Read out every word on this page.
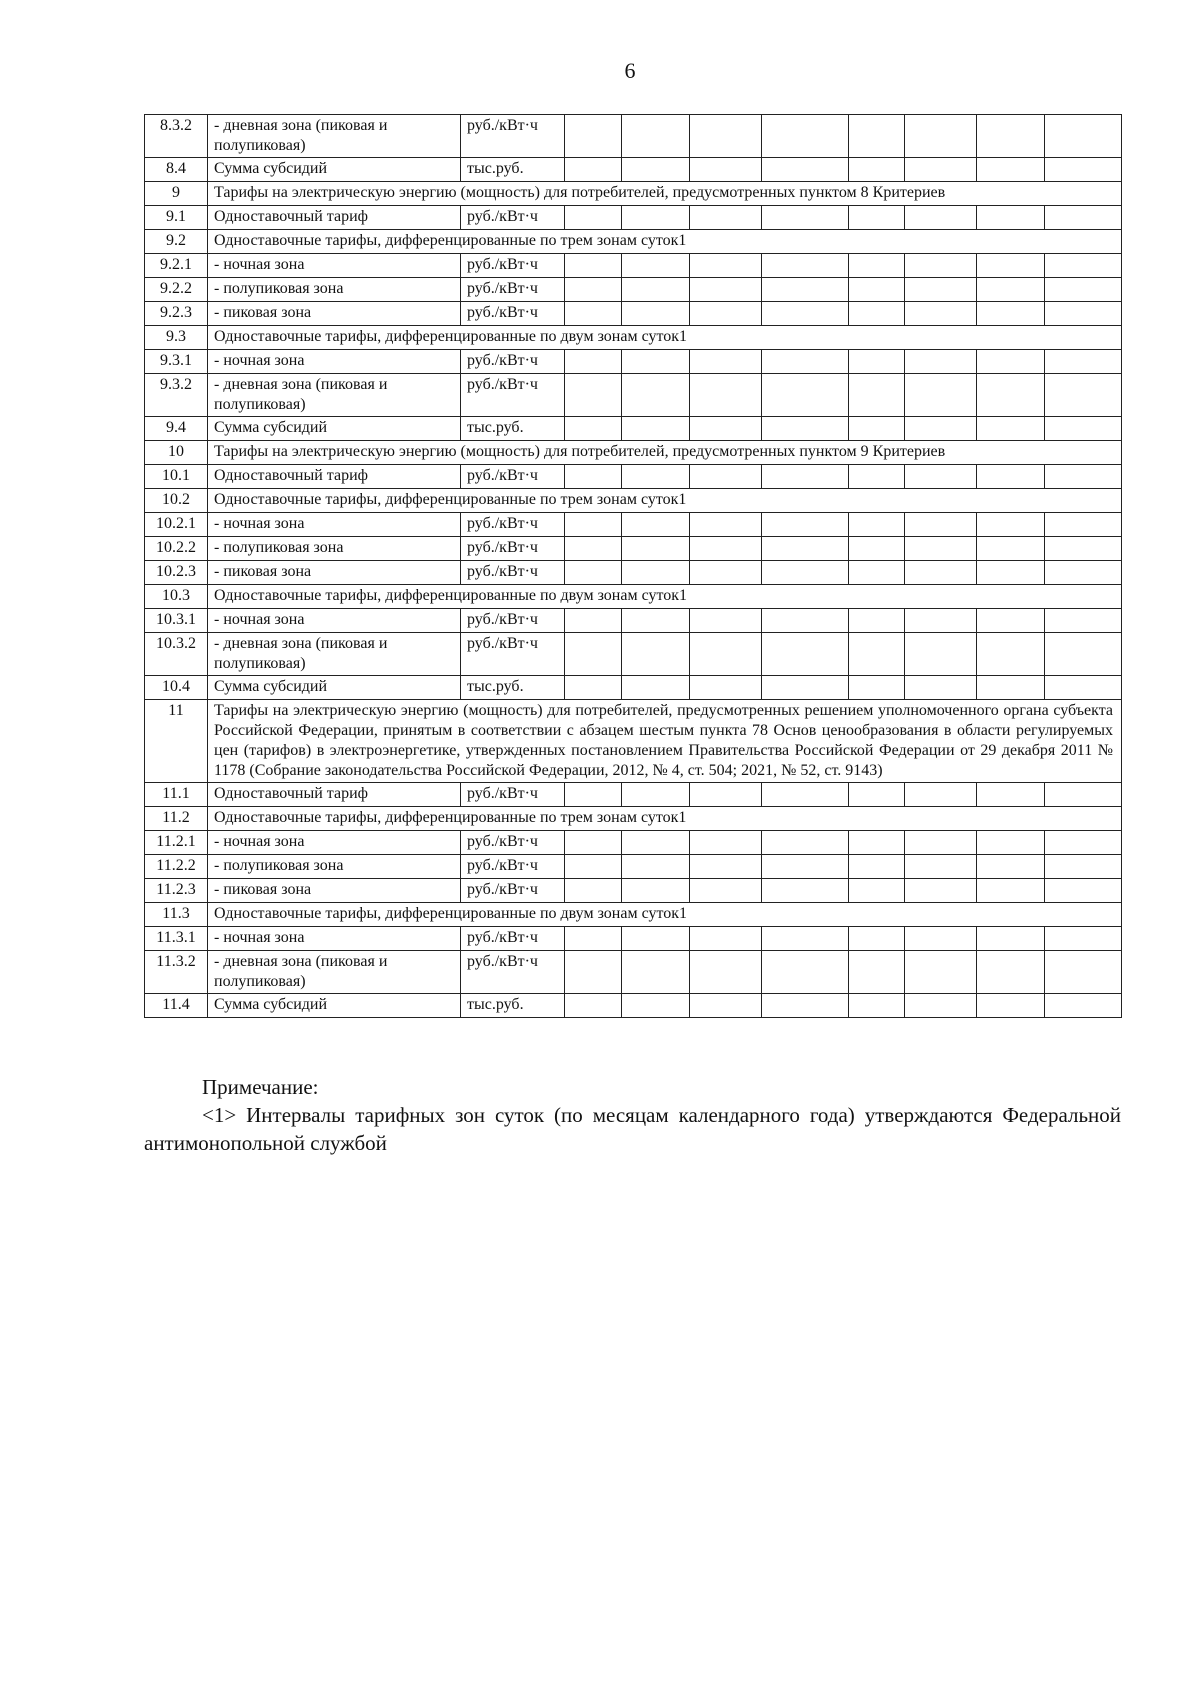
6
8.3.2	- дневная зона (пиковая и полупиковая)	руб./кВт·ч								
8.4	Сумма субсидий	тыс.руб.								
9	Тарифы на электрическую энергию (мощность) для потребителей, предусмотренных пунктом 8 Критериев									
9.1	Одноставочный тариф	руб./кВт·ч								
9.2	Одноставочные тарифы, дифференцированные по трем зонам суток1									
9.2.1	- ночная зона	руб./кВт·ч								
9.2.2	- полупиковая зона	руб./кВт·ч								
9.2.3	- пиковая зона	руб./кВт·ч								
9.3	Одноставочные тарифы, дифференцированные по двум зонам суток1									
9.3.1	- ночная зона	руб./кВт·ч								
9.3.2	- дневная зона (пиковая и полупиковая)	руб./кВт·ч								
9.4	Сумма субсидий	тыс.руб.								
10	Тарифы на электрическую энергию (мощность) для потребителей, предусмотренных пунктом 9 Критериев									
10.1	Одноставочный тариф	руб./кВт·ч								
10.2	Одноставочные тарифы, дифференцированные по трем зонам суток1									
10.2.1	- ночная зона	руб./кВт·ч								
10.2.2	- полупиковая зона	руб./кВт·ч								
10.2.3	- пиковая зона	руб./кВт·ч								
10.3	Одноставочные тарифы, дифференцированные по двум зонам суток1									
10.3.1	- ночная зона	руб./кВт·ч								
10.3.2	- дневная зона (пиковая и полупиковая)	руб./кВт·ч								
10.4	Сумма субсидий	тыс.руб.								
11	Тарифы на электрическую энергию (мощность) для потребителей, предусмотренных решением уполномоченного органа субъекта Российской Федерации, принятым в соответствии с абзацем шестым пункта 78 Основ ценообразования в области регулируемых цен (тарифов) в электроэнергетике, утвержденных постановлением Правительства Российской Федерации от 29 декабря 2011 № 1178 (Собрание законодательства Российской Федерации, 2012, № 4, ст. 504; 2021, № 52, ст. 9143)									
11.1	Одноставочный тариф	руб./кВт·ч								
11.2	Одноставочные тарифы, дифференцированные по трем зонам суток1									
11.2.1	- ночная зона	руб./кВт·ч								
11.2.2	- полупиковая зона	руб./кВт·ч								
11.2.3	- пиковая зона	руб./кВт·ч								
11.3	Одноставочные тарифы, дифференцированные по двум зонам суток1									
11.3.1	- ночная зона	руб./кВт·ч								
11.3.2	- дневная зона (пиковая и полупиковая)	руб./кВт·ч								
11.4	Сумма субсидий	тыс.руб.								
Примечание:
<1> Интервалы тарифных зон суток (по месяцам календарного года) утверждаются Федеральной антимонопольной службой
